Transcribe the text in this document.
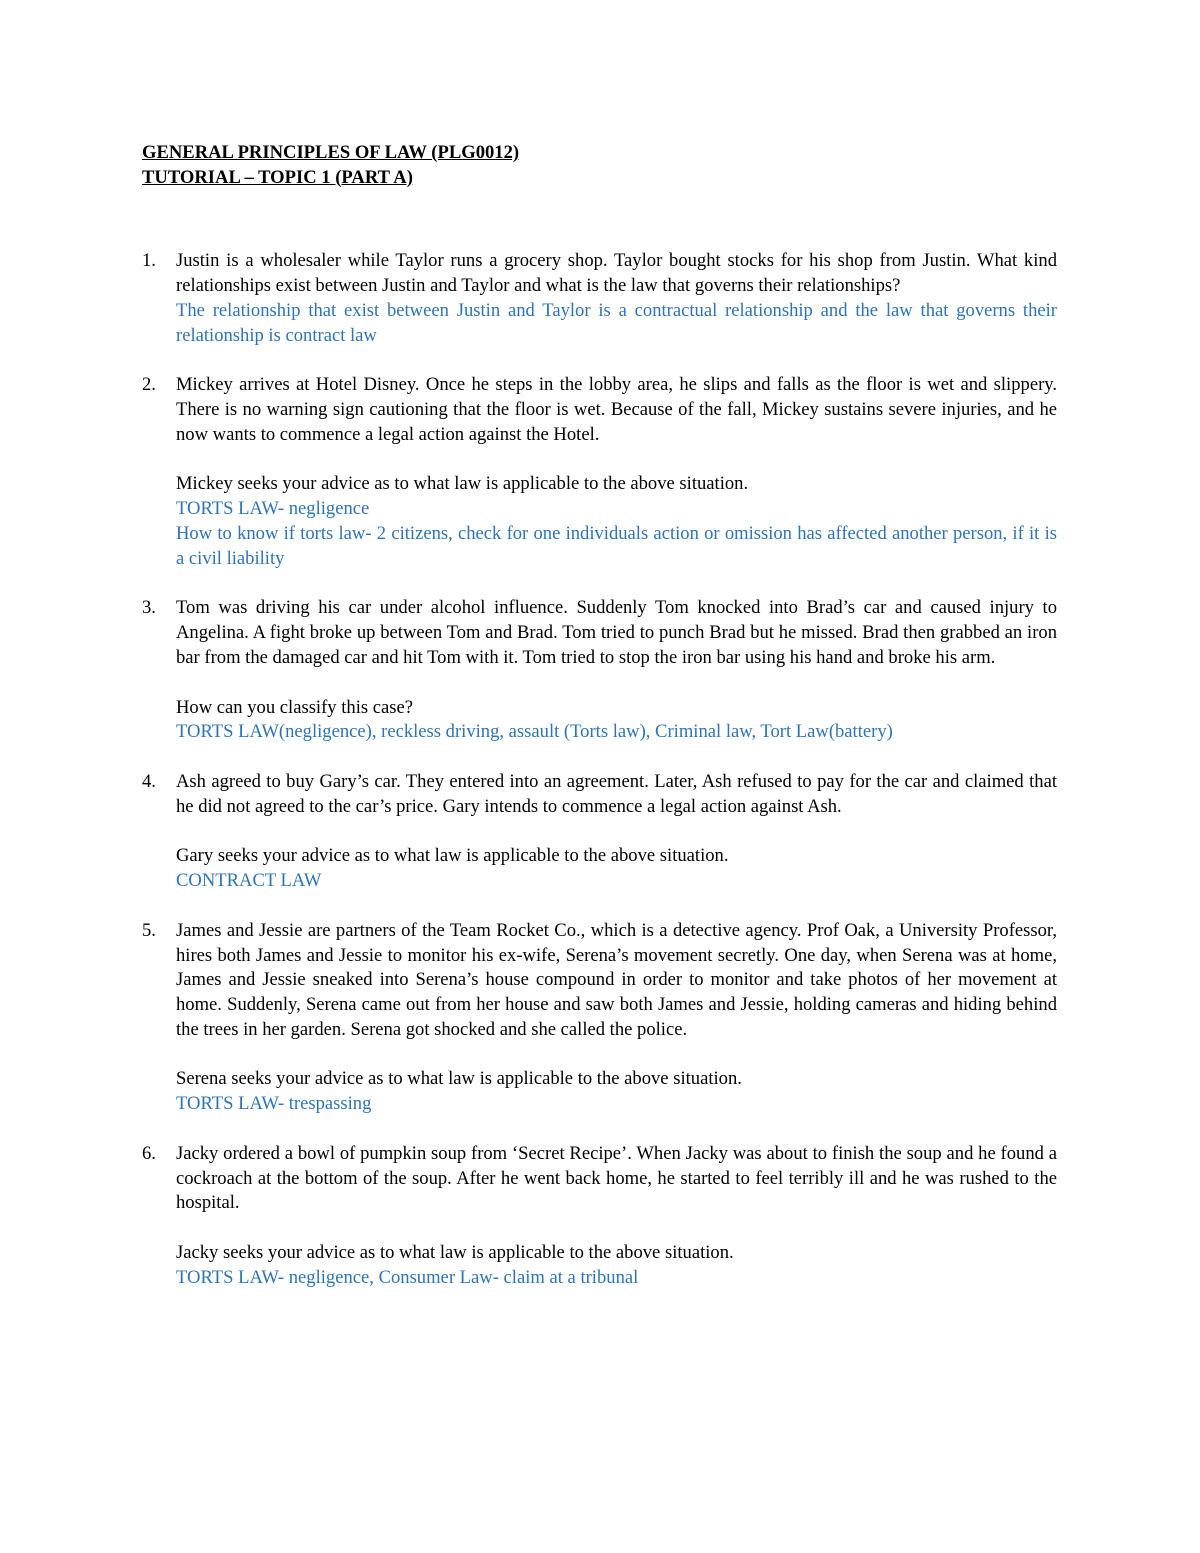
GENERAL PRINCIPLES OF LAW (PLG0012)

TUTORIAL – TOPIC 1 (PART A)

1. Justin is a wholesaler while Taylor runs a grocery shop. Taylor bought stocks for his shop from Justin. What kind relationships exist between Justin and Taylor and what is the law that governs their relationships?

The relationship that exist between Justin and Taylor is a contractual relationship and the law that governs their relationship is contract law

2. Mickey arrives at Hotel Disney. Once he steps in the lobby area, he slips and falls as the floor is wet and slippery. There is no warning sign cautioning that the floor is wet. Because of the fall, Mickey sustains severe injuries, and he now wants to commence a legal action against the Hotel.

Mickey seeks your advice as to what law is applicable to the above situation.

TORTS LAW- negligence

How to know if torts law- 2 citizens, check for one individuals action or omission has affected another person, if it is a civil liability

3. Tom was driving his car under alcohol influence. Suddenly Tom knocked into Brad’s car and caused injury to Angelina. A fight broke up between Tom and Brad. Tom tried to punch Brad but he missed. Brad then grabbed an iron bar from the damaged car and hit Tom with it. Tom tried to stop the iron bar using his hand and broke his arm.

How can you classify this case?

TORTS LAW(negligence), reckless driving, assault (Torts law), Criminal law, Tort Law(battery)

4. Ash agreed to buy Gary’s car. They entered into an agreement. Later, Ash refused to pay for the car and claimed that he did not agreed to the car’s price. Gary intends to commence a legal action against Ash.

Gary seeks your advice as to what law is applicable to the above situation.

CONTRACT LAW

5. James and Jessie are partners of the Team Rocket Co., which is a detective agency. Prof Oak, a University Professor, hires both James and Jessie to monitor his ex-wife, Serena’s movement secretly. One day, when Serena was at home, James and Jessie sneaked into Serena’s house compound in order to monitor and take photos of her movement at home. Suddenly, Serena came out from her house and saw both James and Jessie, holding cameras and hiding behind the trees in her garden. Serena got shocked and she called the police.

Serena seeks your advice as to what law is applicable to the above situation.

TORTS LAW- trespassing

6. Jacky ordered a bowl of pumpkin soup from ‘Secret Recipe’. When Jacky was about to finish the soup and he found a cockroach at the bottom of the soup. After he went back home, he started to feel terribly ill and he was rushed to the hospital.

Jacky seeks your advice as to what law is applicable to the above situation.

TORTS LAW- negligence, Consumer Law- claim at a tribunal
